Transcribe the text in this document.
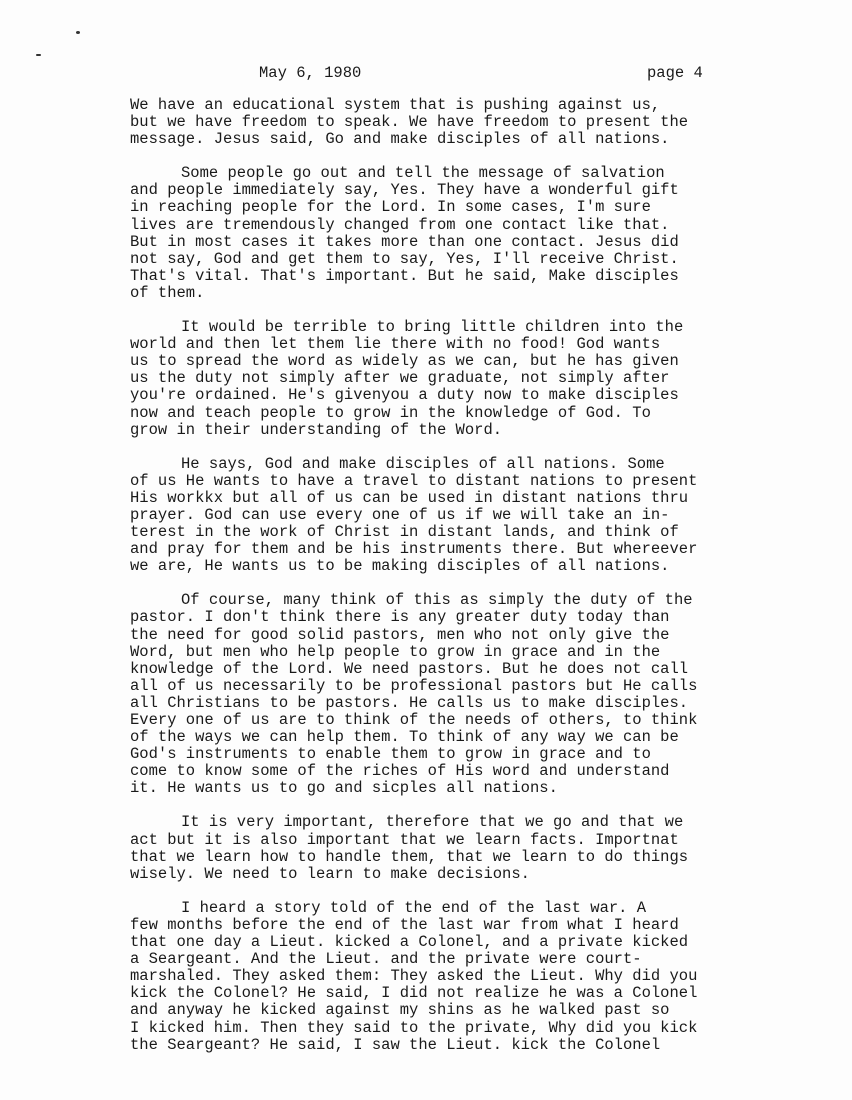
May 6, 1980	page 4
We have an educational system that is pushing against us,
but we have freedom to speak. We have freedom to present the
message. Jesus said, Go and make disciples of all nations.
Some people go out and tell the message of salvation
and people immediately say, Yes. They have a wonderful gift
in reaching people for the Lord. In some cases, I'm sure
lives are tremendously changed from one contact like that.
But in most cases it takes more than one contact. Jesus did
not say, God and get them to say, Yes, I'll receive Christ.
That's vital. That's important. But he said, Make disciples
of them.
It would be terrible to bring little children into the
world and then let them lie there with no food! God wants
us to spread the word as widely as we can, but he has given
us the duty not simply after we graduate, not simply after
you're ordained. He's givenyou a duty now to make disciples
now and teach people to grow in the knowledge of God. To
grow in their understanding of the Word.
He says, God and make disciples of all nations. Some
of us He wants to have a travel to distant nations to present
His workkx but all of us can be used in distant nations thru
prayer. God can use every one of us if we will take an in-
terest in the work of Christ in distant lands, and think of
and pray for them and be his instruments there. But whereever
we are, He wants us to be making disciples of all nations.
Of course, many think of this as simply the duty of the
pastor. I don't think there is any greater duty today than
the need for good solid pastors, men who not only give the
Word, but men who help people to grow in grace and in the
knowledge of the Lord. We need pastors. But he does not call
all of us necessarily to be professional pastors but He calls
all Christians to be pastors. He calls us to make disciples.
Every one of us are to think of the needs of others, to think
of the ways we can help them. To think of any way we can be
God's instruments to enable them to grow in grace and to
come to know some of the riches of His word and understand
it. He wants us to go and sicples all nations.
It is very important, therefore that we go and that we
act but it is also important that we learn facts. Importnat
that we learn how to handle them, that we learn to do things
wisely. We need to learn to make decisions.
I heard a story told of the end of the last war. A
few months before the end of the last war from what I heard
that one day a Lieut. kicked a Colonel, and a private kicked
a Seargeant. And the Lieut. and the private were court-
marshaled. They asked them: They asked the Lieut. Why did you
kick the Colonel? He said, I did not realize he was a Colonel
and anyway he kicked against my shins as he walked past so
I kicked him. Then they said to the private, Why did you kick
the Seargeant? He said, I saw the Lieut. kick the Colonel
